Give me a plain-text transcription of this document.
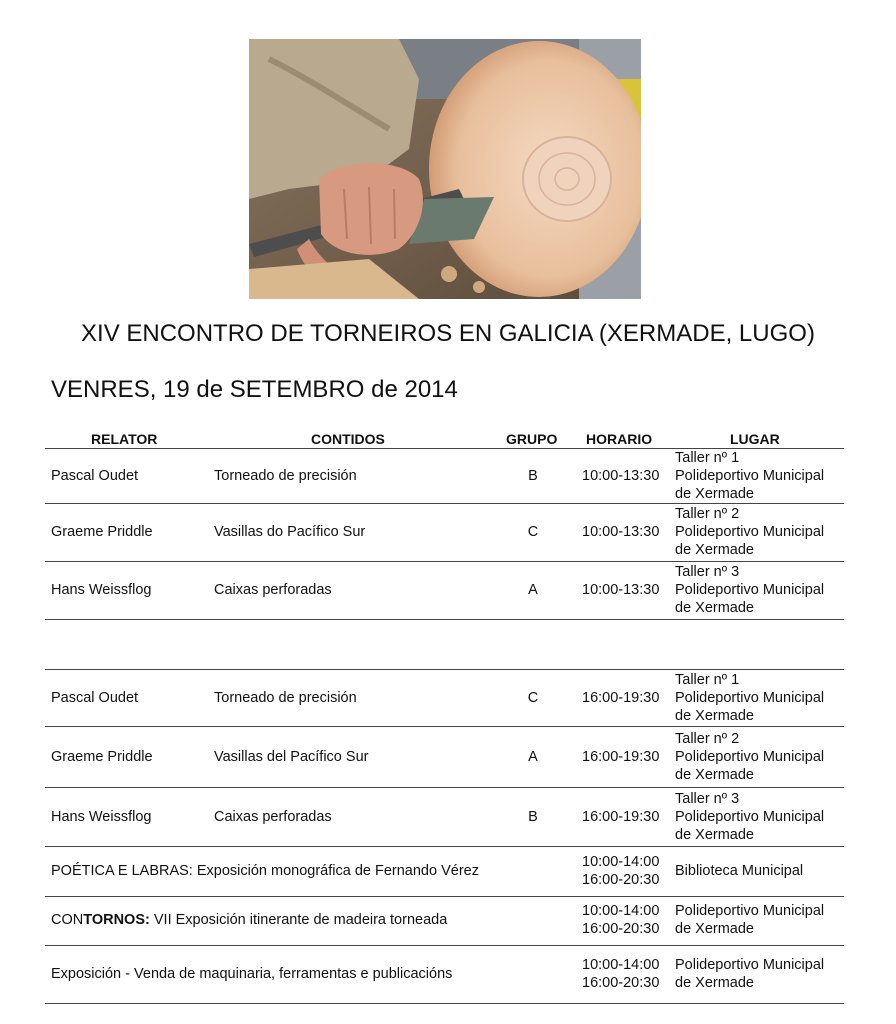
XIV ENCONTRO DE TORNEIROS EN GALICIA (XERMADE, LUGO)
VENRES, 19 de SETEMBRO de 2014
RELATOR	CONTIDOS	GRUPO HORARIO	LUGAR
Pascal Oudet	Torneado de precisión	B	10:00-13:30
Taller nº 1
Polideportivo Municipal
de Xermade
Graeme Priddle	Vasillas do Pacífico Sur	C	10:00-13:30
Taller nº 2
Polideportivo Municipal
de Xermade
Hans Weissflog	Caixas perforadas	A	10:00-13:30
Taller nº 3
Polideportivo Municipal
de Xermade
Pascal Oudet	Torneado de precisión	C	16:00-19:30
Taller nº 1
Polideportivo Municipal
de Xermade
Graeme Priddle	Vasillas del Pacífico Sur	A	16:00-19:30
Taller nº 2
Polideportivo Municipal
de Xermade
Hans Weissflog	Caixas perforadas	B	16:00-19:30
Taller nº 3
Polideportivo Municipal
de Xermade
POÉTICA E LABRAS: Exposición monográfica de Fernando Vérez
10:00-14:00
16:00-20:30
Biblioteca Municipal
CONTORNOS: VII Exposición itinerante de madeira torneada
10:00-14:00
16:00-20:30
Polideportivo Municipal
de Xermade
Exposición - Venda de maquinaria, ferramentas e publicacións
10:00-14:00
16:00-20:30
Polideportivo Municipal
de Xermade
